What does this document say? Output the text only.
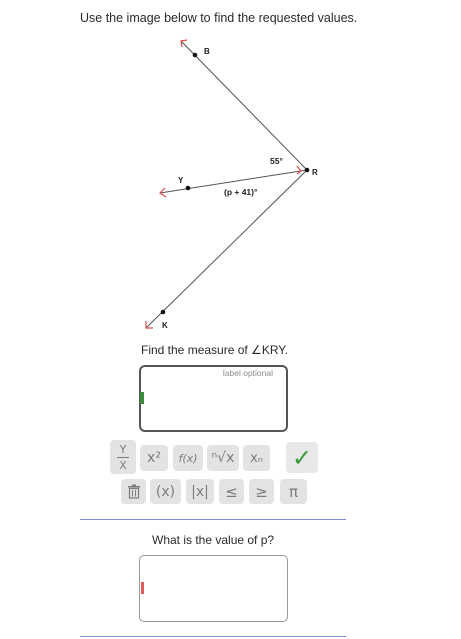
Use the image below to find the requested values.
B
R
Y
K
55°
(p + 41)°
Find the measure of ∠KRY.
label optional
Y
X	x²	f(x)	ⁿ√x	xₙ ✓
(x)	|x|	≤	≥	π
What is the value of p?
